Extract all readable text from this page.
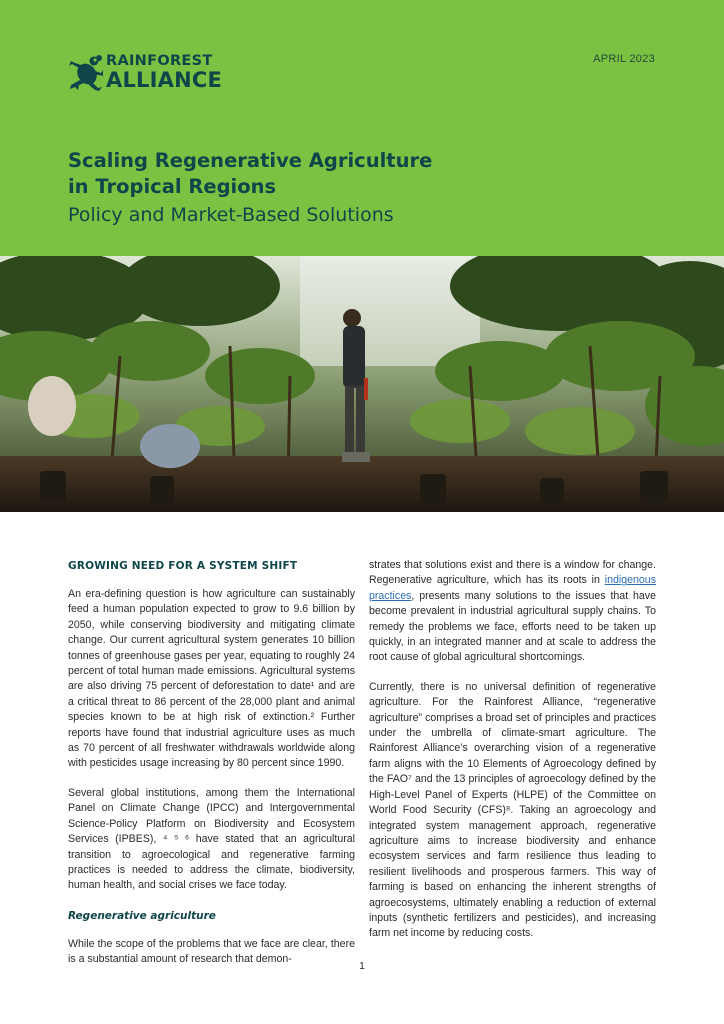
RAINFOREST
ALLIANCE
APRIL 2023
Scaling Regenerative Agriculture
in Tropical Regions
Policy and Market-Based Solutions
GROWING NEED FOR A SYSTEM SHIFT

An era-defining question is how agriculture can sustainably feed a human population expected to grow to 9.6 billion by 2050, while conserving biodiversity and mitigating climate change. Our current agricultural system generates 10 billion tonnes of greenhouse gases per year, equating to roughly 24 percent of total human made emissions. Agricultural systems are also driving 75 percent of deforestation to date¹ and are a critical threat to 86 percent of the 28,000 plant and animal species known to be at high risk of extinction.² Further reports have found that industrial agriculture uses as much as 70 percent of all freshwater withdrawals worldwide along with pesticides usage increasing by 80 percent since 1990.

Several global institutions, among them the International Panel on Climate Change (IPCC) and Intergovernmental Science-Policy Platform on Biodiversity and Ecosystem Services (IPBES), ⁴ ⁵ ⁶ have stated that an agricultural transition to agroecological and regenerative farming practices is needed to address the climate, biodiversity, human health, and social crises we face today.

Regenerative agriculture

While the scope of the problems that we face are clear, there is a substantial amount of research that demon-

strates that solutions exist and there is a window for change. Regenerative agriculture, which has its roots in indigenous practices, presents many solutions to the issues that have become prevalent in industrial agricultural supply chains. To remedy the problems we face, efforts need to be taken up quickly, in an integrated manner and at scale to address the root cause of global agricultural shortcomings.

Currently, there is no universal definition of regenerative agriculture. For the Rainforest Alliance, “regenerative agriculture” comprises a broad set of principles and practices under the umbrella of climate-smart agriculture. The Rainforest Alliance’s overarching vision of a regenerative farm aligns with the 10 Elements of Agroecology defined by the FAO⁷ and the 13 principles of agroecology defined by the High-Level Panel of Experts (HLPE) of the Committee on World Food Security (CFS)⁸. Taking an agroecology and integrated system management approach, regenerative agriculture aims to increase biodiversity and enhance ecosystem services and farm resilience thus leading to resilient livelihoods and prosperous farmers. This way of farming is based on enhancing the inherent strengths of agroecosystems, ultimately enabling a reduction of external inputs (synthetic fertilizers and pesticides), and increasing farm net income by reducing costs.

1
